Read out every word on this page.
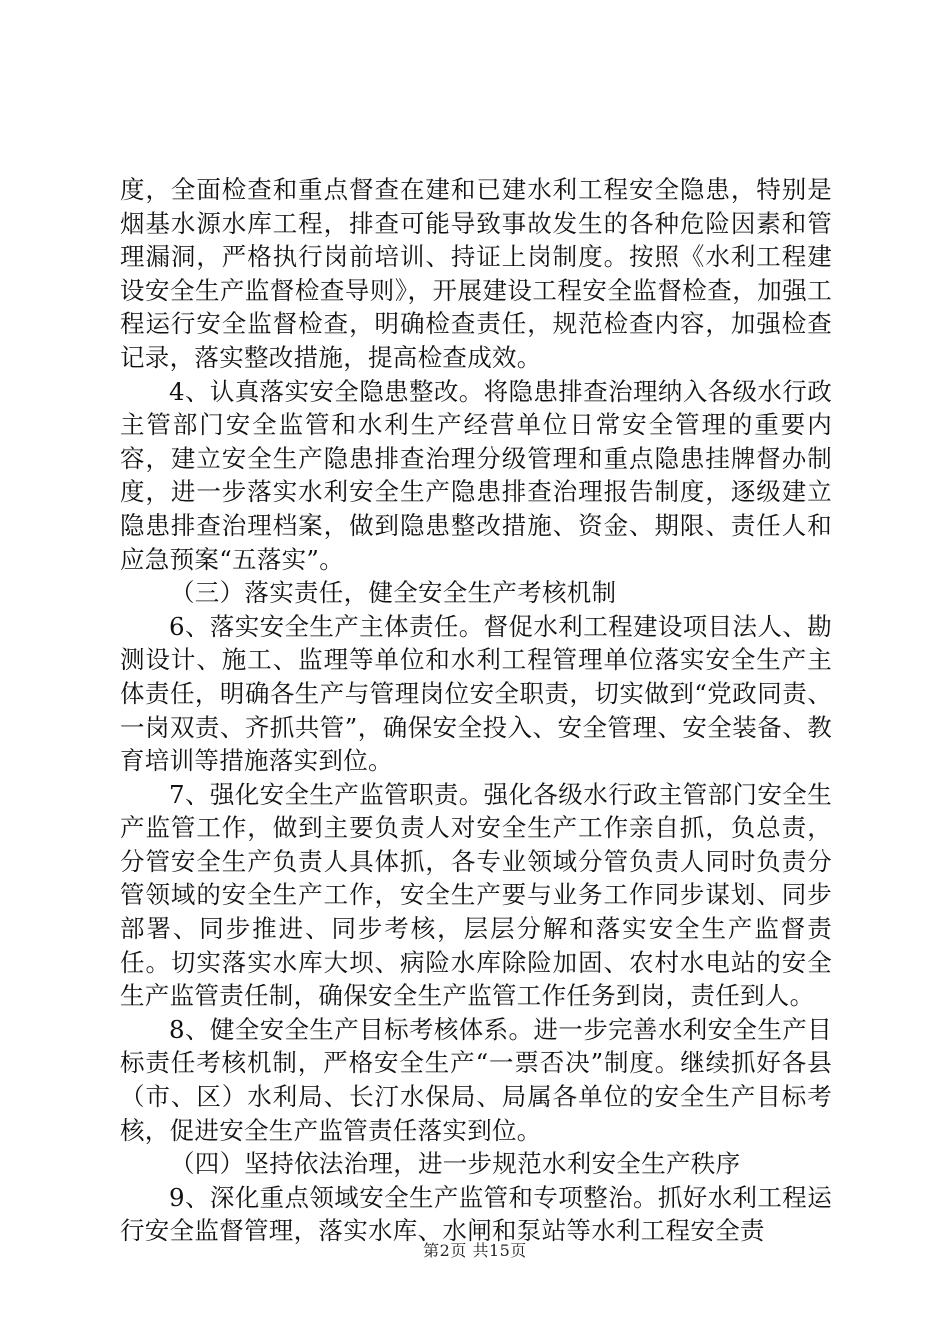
度，全面检查和重点督查在建和已建水利工程安全隐患，特别是烟基水源水库工程，排查可能导致事故发生的各种危险因素和管理漏洞，严格执行岗前培训、持证上岗制度。按照《水利工程建设安全生产监督检查导则》，开展建设工程安全监督检查，加强工程运行安全监督检查，明确检查责任，规范检查内容，加强检查记录，落实整改措施，提高检查成效。

4、认真落实安全隐患整改。将隐患排查治理纳入各级水行政主管部门安全监管和水利生产经营单位日常安全管理的重要内容，建立安全生产隐患排查治理分级管理和重点隐患挂牌督办制度，进一步落实水利安全生产隐患排查治理报告制度，逐级建立隐患排查治理档案，做到隐患整改措施、资金、期限、责任人和应急预案“五落实”。

（三）落实责任，健全安全生产考核机制

6、落实安全生产主体责任。督促水利工程建设项目法人、勘测设计、施工、监理等单位和水利工程管理单位落实安全生产主体责任，明确各生产与管理岗位安全职责，切实做到“党政同责、一岗双责、齐抓共管”，确保安全投入、安全管理、安全装备、教育培训等措施落实到位。

7、强化安全生产监管职责。强化各级水行政主管部门安全生产监管工作，做到主要负责人对安全生产工作亲自抓，负总责，分管安全生产负责人具体抓，各专业领域分管负责人同时负责分管领域的安全生产工作，安全生产要与业务工作同步谋划、同步部署、同步推进、同步考核，层层分解和落实安全生产监督责任。切实落实水库大坝、病险水库除险加固、农村水电站的安全生产监管责任制，确保安全生产监管工作任务到岗，责任到人。

8、健全安全生产目标考核体系。进一步完善水利安全生产目标责任考核机制，严格安全生产“一票否决”制度。继续抓好各县（市、区）水利局、长汀水保局、局属各单位的安全生产目标考核，促进安全生产监管责任落实到位。

（四）坚持依法治理，进一步规范水利安全生产秩序

9、深化重点领域安全生产监管和专项整治。抓好水利工程运行安全监督管理，落实水库、水闸和泵站等水利工程安全责

第2页 共15页
